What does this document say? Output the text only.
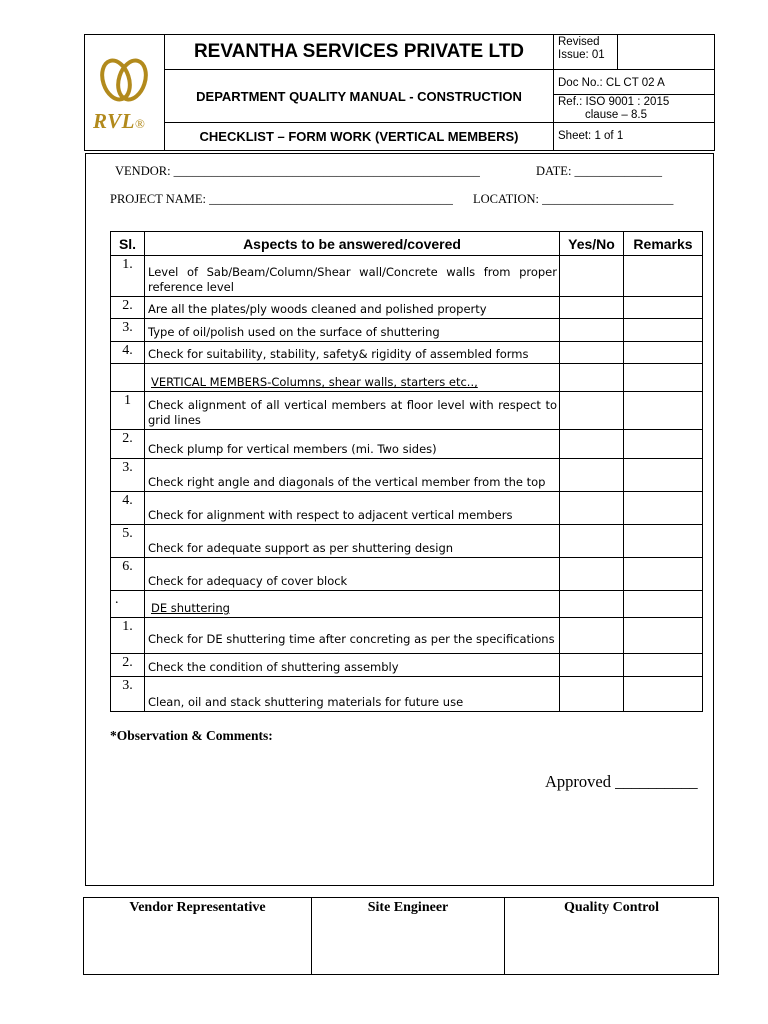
RVL®	REVANTHA SERVICES PRIVATE LTD	Revised
Issue: 01

	DEPARTMENT QUALITY MANUAL - CONSTRUCTION	Doc No.: CL CT 02 A
Ref.: ISO 9001 : 2015
clause – 8.5

	CHECKLIST – FORM WORK (VERTICAL MEMBERS)	Sheet: 1 of 1
VENDOR: _________________________________________________	DATE: ______________
PROJECT NAME: _______________________________________ LOCATION: _____________________
Sl.	Aspects to be answered/covered	Yes/No	Remarks
1.	Level of Sab/Beam/Column/Shear wall/Concrete walls from proper reference level		
2.	Are all the plates/ply woods cleaned and polished property		
3.	Type of oil/polish used on the surface of shuttering		
4.	Check for suitability, stability, safety& rigidity of assembled forms		
	VERTICAL MEMBERS-Columns, shear walls, starters etc..,		
1	Check alignment of all vertical members at floor level with respect to grid lines		
2.	Check plump for vertical members (mi. Two sides)		
3.	Check right angle and diagonals of the vertical member from the top		
4.	Check for alignment with respect to adjacent vertical members		
5.	Check for adequate support as per shuttering design		
6.	Check for adequacy of cover block		
.	DE shuttering		
1.	Check for DE shuttering time after concreting as per the specifications		
2.	Check the condition of shuttering assembly		
3.	Clean, oil and stack shuttering materials for future use		
*Observation & Comments:
Approved __________
Vendor Representative	Site Engineer	Quality Control
